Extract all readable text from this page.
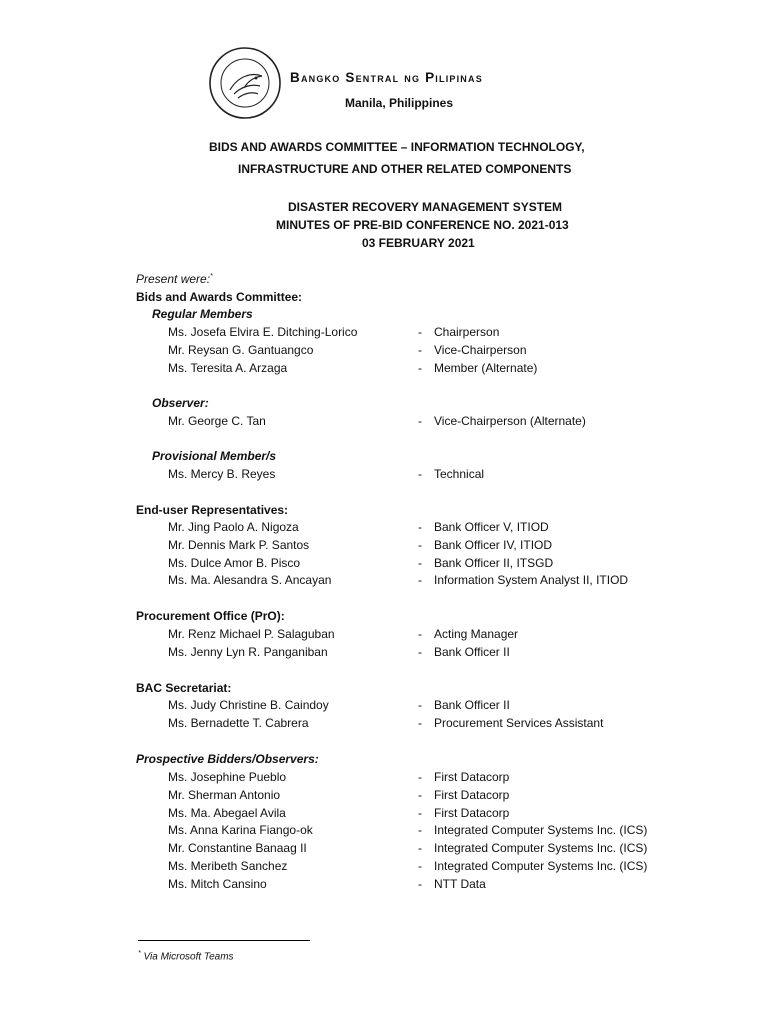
Bangko Sentral ng Pilipinas
Manila, Philippines
BIDS AND AWARDS COMMITTEE – INFORMATION TECHNOLOGY,
INFRASTRUCTURE AND OTHER RELATED COMPONENTS
DISASTER RECOVERY MANAGEMENT SYSTEM
MINUTES OF PRE-BID CONFERENCE NO. 2021-013
03 FEBRUARY 2021
Present were:*
Bids and Awards Committee:
Regular Members
Ms. Josefa Elvira E. Ditching-Lorico	- Chairperson
Mr. Reysan G. Gantuangco	- Vice-Chairperson
Ms. Teresita A. Arzaga	- Member (Alternate)
Observer:
Mr. George C. Tan	- Vice-Chairperson (Alternate)
Provisional Member/s
Ms. Mercy B. Reyes	- Technical
End-user Representatives:
Mr. Jing Paolo A. Nigoza	- Bank Officer V, ITIOD
Mr. Dennis Mark P. Santos	- Bank Officer IV, ITIOD
Ms. Dulce Amor B. Pisco	- Bank Officer II, ITSGD
Ms. Ma. Alesandra S. Ancayan	- Information System Analyst II, ITIOD
Procurement Office (PrO):
Mr. Renz Michael P. Salaguban	- Acting Manager
Ms. Jenny Lyn R. Panganiban	- Bank Officer II
BAC Secretariat:
Ms. Judy Christine B. Caindoy	- Bank Officer II
Ms. Bernadette T. Cabrera	- Procurement Services Assistant
Prospective Bidders/Observers:
Ms. Josephine Pueblo	- First Datacorp
Mr. Sherman Antonio	- First Datacorp
Ms. Ma. Abegael Avila	- First Datacorp
Ms. Anna Karina Fiango-ok	- Integrated Computer Systems Inc. (ICS)
Mr. Constantine Banaag II	- Integrated Computer Systems Inc. (ICS)
Ms. Meribeth Sanchez	- Integrated Computer Systems Inc. (ICS)
Ms. Mitch Cansino	- NTT Data
* Via Microsoft Teams
